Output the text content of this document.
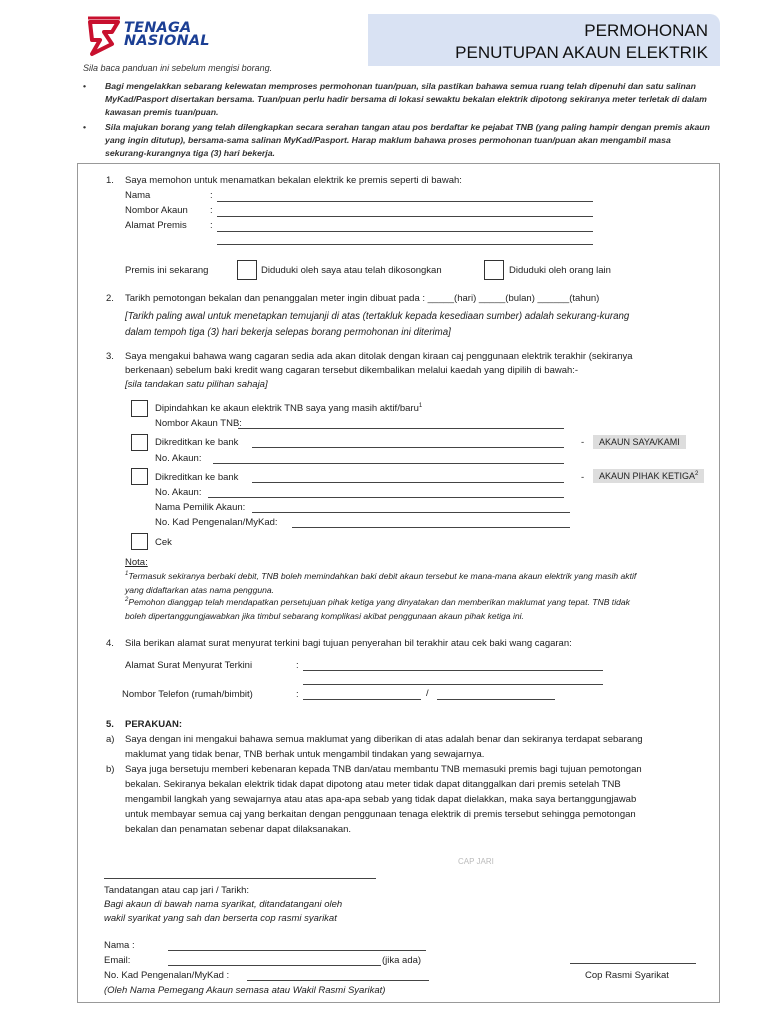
TENAGA
NASIONAL
PERMOHONAN
PENUTUPAN AKAUN ELEKTRIK
Sila baca panduan ini sebelum mengisi borang.
• Bagi mengelakkan sebarang kelewatan memproses permohonan tuan/puan, sila pastikan bahawa semua ruang telah dipenuhi dan satu salinan MyKad/Pasport disertakan bersama. Tuan/puan perlu hadir bersama di lokasi sewaktu bekalan elektrik dipotong sekiranya meter terletak di dalam kawasan premis tuan/puan.
• Sila majukan borang yang telah dilengkapkan secara serahan tangan atau pos berdaftar ke pejabat TNB (yang paling hampir dengan premis akaun yang ingin ditutup), bersama-sama salinan MyKad/Pasport. Harap maklum bahawa proses permohonan tuan/puan akan mengambil masa sekurang-kurangnya tiga (3) hari bekerja.
1. Saya memohon untuk menamatkan bekalan elektrik ke premis seperti di bawah:
Nama	:
Nombor Akaun :
Alamat Premis :
Premis ini sekarang	Diduduki oleh saya atau telah dikosongkan	Diduduki oleh orang lain
2. Tarikh pemotongan bekalan dan penanggalan meter ingin dibuat pada : _____(hari) _____(bulan) ______(tahun)
[Tarikh paling awal untuk menetapkan temujanji di atas (tertakluk kepada kesediaan sumber) adalah sekurang-kurang
dalam tempoh tiga (3) hari bekerja selepas borang permohonan ini diterima]
3. Saya mengakui bahawa wang cagaran sedia ada akan ditolak dengan kiraan caj penggunaan elektrik terakhir (sekiranya
berkenaan) sebelum baki kredit wang cagaran tersebut dikembalikan melalui kaedah yang dipilih di bawah:-
[sila tandakan satu pilihan sahaja]
Dipindahkan ke akaun elektrik TNB saya yang masih aktif/baru$^1$
Nombor Akaun TNB:
Dikreditkan ke bank	-	AKAUN SAYA/KAMI
No. Akaun:
Dikreditkan ke bank	-	AKAUN PIHAK KETIGA$^2$
No. Akaun:
Nama Pemilik Akaun:
No. Kad Pengenalan/MyKad:
Cek
Nota:
$^1$Termasuk sekiranya berbaki debit, TNB boleh memindahkan baki debit akaun tersebut ke mana-mana akaun elektrik yang masih aktif
yang didaftarkan atas nama pengguna.
$^2$Pemohon dianggap telah mendapatkan persetujuan pihak ketiga yang dinyatakan dan memberikan maklumat yang tepat. TNB tidak
boleh dipertanggungjawabkan jika timbul sebarang komplikasi akibat penggunaan akaun pihak ketiga ini.
4. Sila berikan alamat surat menyurat terkini bagi tujuan penyerahan bil terakhir atau cek baki wang cagaran:
Alamat Surat Menyurat Terkini	:
Nombor Telefon (rumah/bimbit)	:	/
5. PERAKUAN:
a) Saya dengan ini mengakui bahawa semua maklumat yang diberikan di atas adalah benar dan sekiranya terdapat sebarang
maklumat yang tidak benar, TNB berhak untuk mengambil tindakan yang sewajarnya.
b) Saya juga bersetuju memberi kebenaran kepada TNB dan/atau membantu TNB memasuki premis bagi tujuan pemotongan
bekalan. Sekiranya bekalan elektrik tidak dapat dipotong atau meter tidak dapat ditanggalkan dari premis setelah TNB
mengambil langkah yang sewajarnya atau atas apa-apa sebab yang tidak dapat dielakkan, maka saya bertanggungjawab
untuk membayar semua caj yang berkaitan dengan penggunaan tenaga elektrik di premis tersebut sehingga pemotongan
bekalan dan penamatan sebenar dapat dilaksanakan.
CAP JARI
Tandatangan atau cap jari / Tarikh:
Bagi akaun di bawah nama syarikat, ditandatangani oleh
wakil syarikat yang sah dan berserta cop rasmi syarikat
Nama :
Email:	(jika ada)
No. Kad Pengenalan/MyKad :
(Oleh Nama Pemegang Akaun semasa atau Wakil Rasmi Syarikat)
Cop Rasmi Syarikat
